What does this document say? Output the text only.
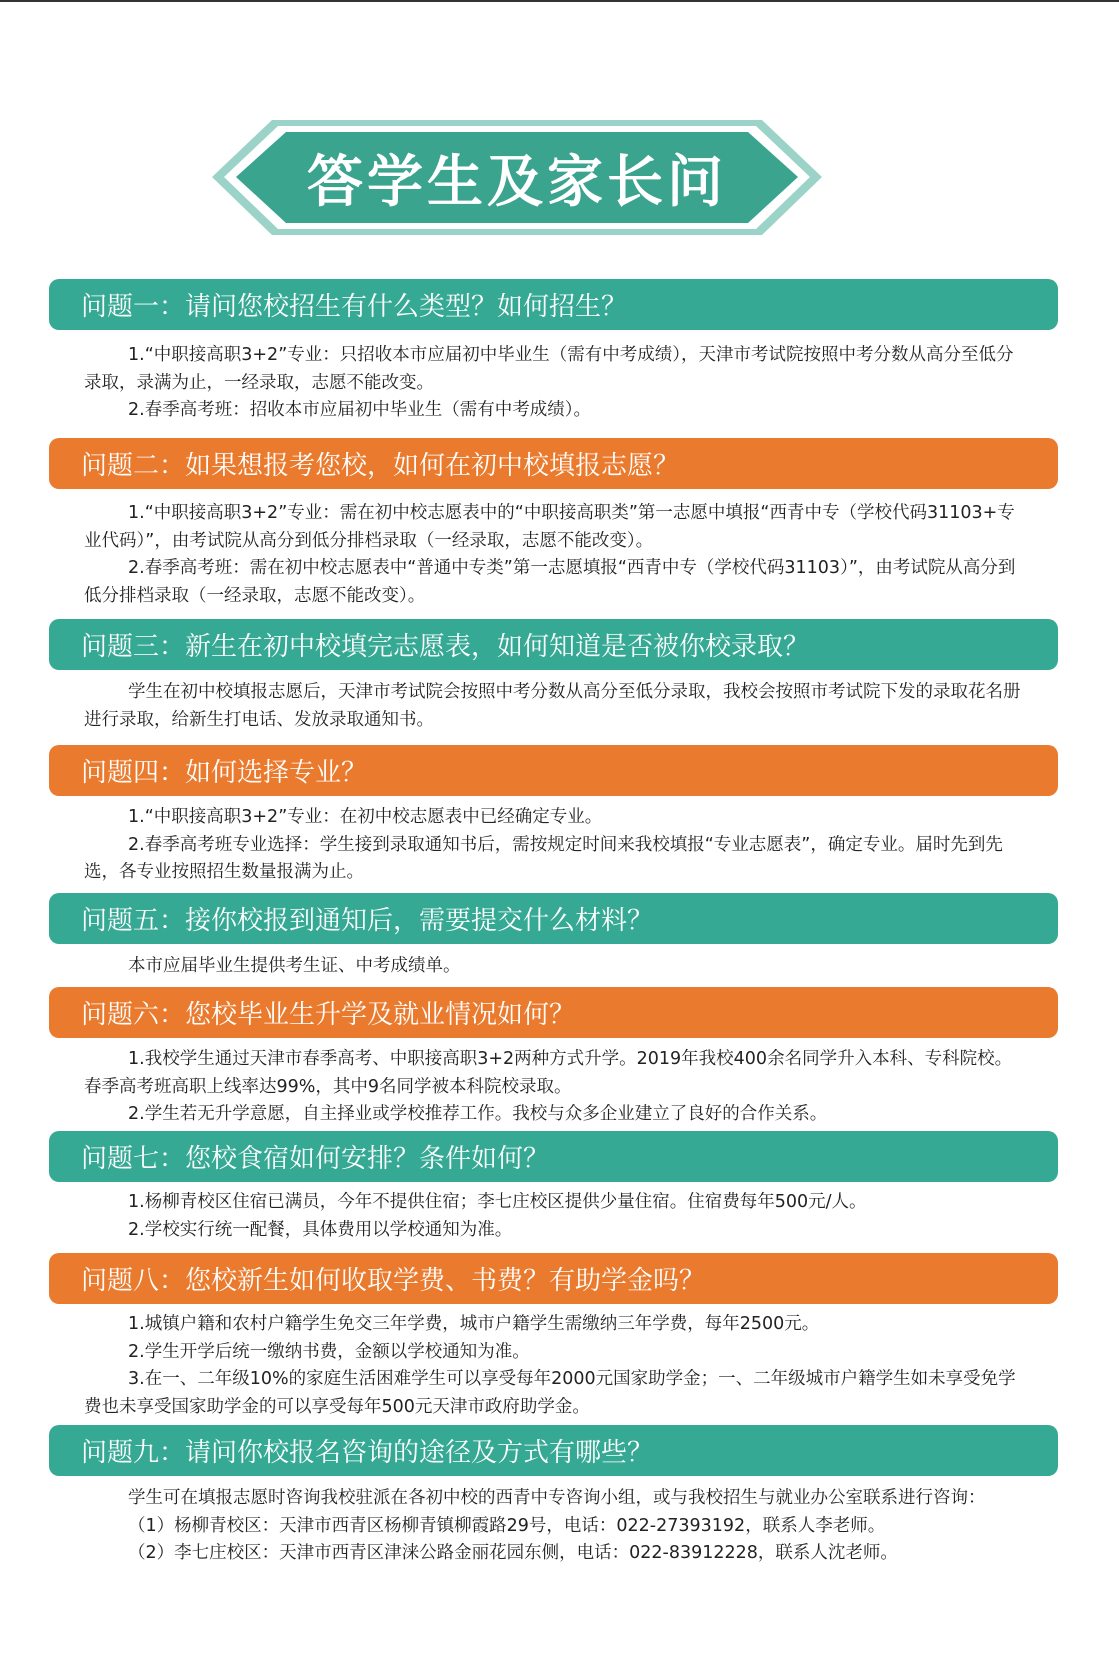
答学生及家长问
问题一：请问您校招生有什么类型？如何招生？

1.“中职接高职3+2”专业：只招收本市应届初中毕业生（需有中考成绩），天津市考试院按照中考分数从高分至低分录取，录满为止，一经录取，志愿不能改变。

2.春季高考班：招收本市应届初中毕业生（需有中考成绩）。

问题二：如果想报考您校，如何在初中校填报志愿？

1.“中职接高职3+2”专业：需在初中校志愿表中的“中职接高职类”第一志愿中填报“西青中专（学校代码31103+专业代码）”，由考试院从高分到低分排档录取（一经录取，志愿不能改变）。

2.春季高考班：需在初中校志愿表中“普通中专类”第一志愿填报“西青中专（学校代码31103）”，由考试院从高分到低分排档录取（一经录取，志愿不能改变）。

问题三：新生在初中校填完志愿表，如何知道是否被你校录取？

学生在初中校填报志愿后，天津市考试院会按照中考分数从高分至低分录取，我校会按照市考试院下发的录取花名册进行录取，给新生打电话、发放录取通知书。

问题四：如何选择专业？

1.“中职接高职3+2”专业：在初中校志愿表中已经确定专业。

2.春季高考班专业选择：学生接到录取通知书后，需按规定时间来我校填报“专业志愿表”，确定专业。届时先到先选，各专业按照招生数量报满为止。

问题五：接你校报到通知后，需要提交什么材料？

本市应届毕业生提供考生证、中考成绩单。

问题六：您校毕业生升学及就业情况如何？

1.我校学生通过天津市春季高考、中职接高职3+2两种方式升学。2019年我校400余名同学升入本科、专科院校。春季高考班高职上线率达99%，其中9名同学被本科院校录取。

2.学生若无升学意愿，自主择业或学校推荐工作。我校与众多企业建立了良好的合作关系。

问题七：您校食宿如何安排？条件如何？

1.杨柳青校区住宿已满员，今年不提供住宿；李七庄校区提供少量住宿。住宿费每年500元/人。

2.学校实行统一配餐，具体费用以学校通知为准。

问题八：您校新生如何收取学费、书费？有助学金吗？

1.城镇户籍和农村户籍学生免交三年学费，城市户籍学生需缴纳三年学费，每年2500元。

2.学生开学后统一缴纳书费，金额以学校通知为准。

3.在一、二年级10%的家庭生活困难学生可以享受每年2000元国家助学金；一、二年级城市户籍学生如未享受免学费也未享受国家助学金的可以享受每年500元天津市政府助学金。

问题九：请问你校报名咨询的途径及方式有哪些？

学生可在填报志愿时咨询我校驻派在各初中校的西青中专咨询小组，或与我校招生与就业办公室联系进行咨询：

（1）杨柳青校区：天津市西青区杨柳青镇柳霞路29号，电话：022-27393192，联系人李老师。

（2）李七庄校区：天津市西青区津涞公路金丽花园东侧，电话：022-83912228，联系人沈老师。
